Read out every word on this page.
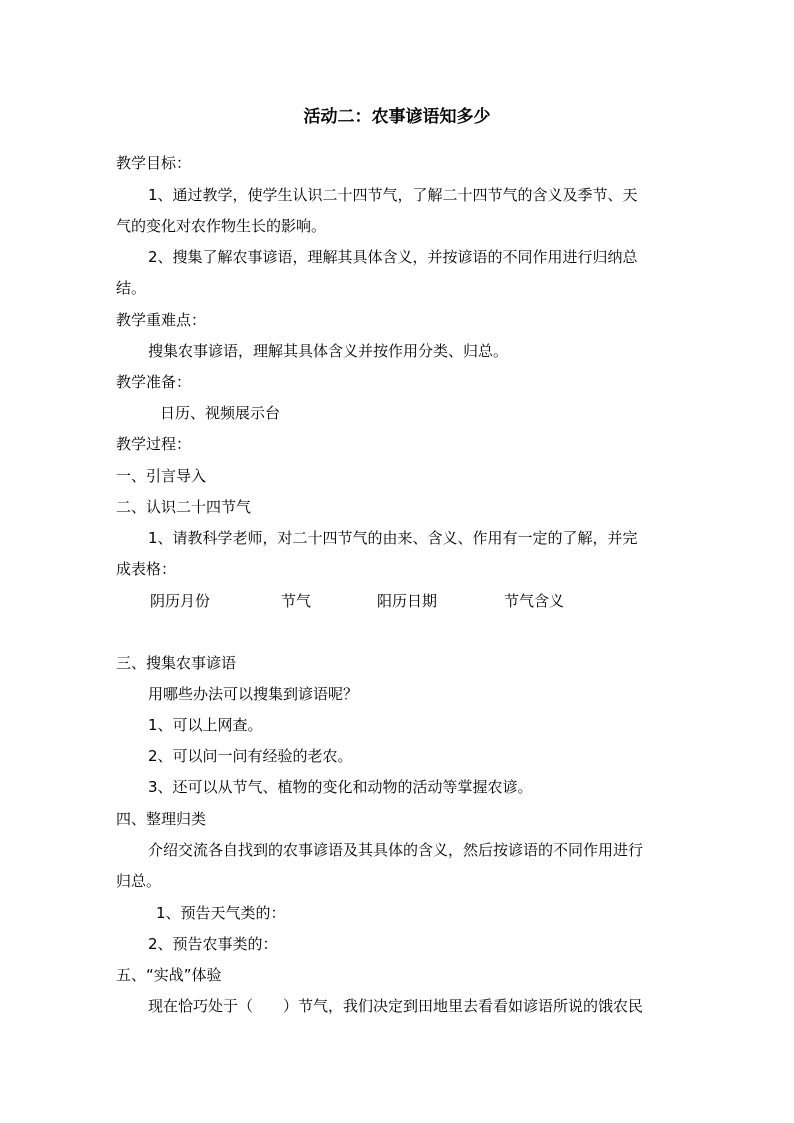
活动二：农事谚语知多少
教学目标：
1、通过教学，使学生认识二十四节气，了解二十四节气的含义及季节、天
气的变化对农作物生长的影响。
2、搜集了解农事谚语，理解其具体含义，并按谚语的不同作用进行归纳总
结。
教学重难点：
搜集农事谚语，理解其具体含义并按作用分类、归总。
教学准备：
日历、视频展示台
教学过程：
一、引言导入
二、认识二十四节气
1、请教科学老师，对二十四节气的由来、含义、作用有一定的了解，并完
成表格：
阴历月份	节气	阳历日期	节气含义
三、搜集农事谚语
用哪些办法可以搜集到谚语呢？
1、可以上网查。
2、可以问一问有经验的老农。
3、还可以从节气、植物的变化和动物的活动等掌握农谚。
四、整理归类
介绍交流各自找到的农事谚语及其具体的含义，然后按谚语的不同作用进行
归总。
1、预告天气类的：
2、预告农事类的：
五、“实战”体验
现在恰巧处于（　　）节气，我们决定到田地里去看看如谚语所说的饿农民
